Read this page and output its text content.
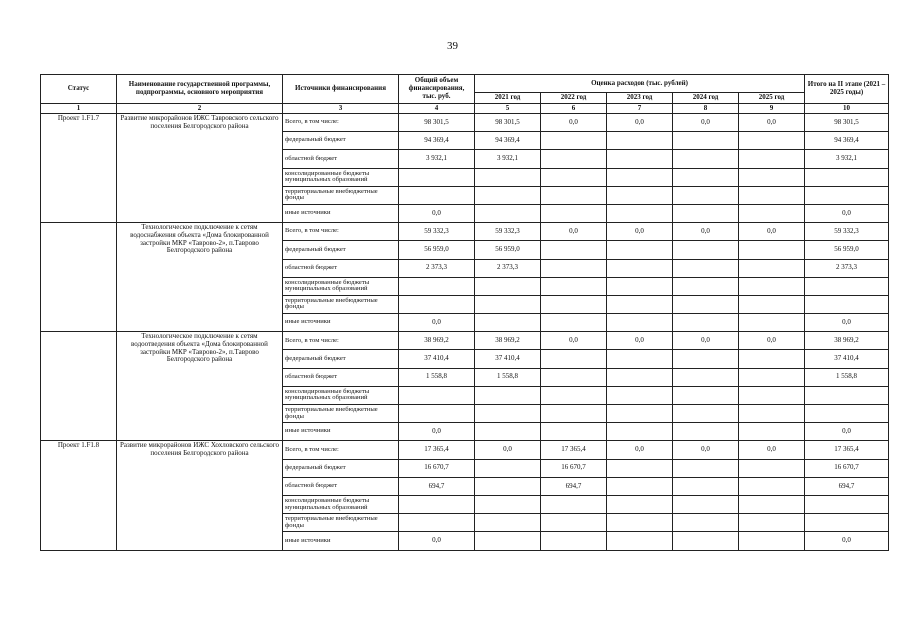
39
Статус	Наименование государственной программы, подпрограммы, основного мероприятия	Источники финансирования	Общий объем финансирования, тыс. руб.	Оценка расходов (тыс. рублей)					Итого на II этапе (2021 – 2025 годы)
				2021 год	2022 год	2023 год	2024 год	2025 год	
1	2	3	4	5	6	7	8	9	10
Проект 1.F1.7	Развитие микрорайонов ИЖС Тавровского сельского поселения Белгородского района	Всего, в том числе:	98 301,5	98 301,5	0,0	0,0	0,0	0,0	98 301,5
		федеральный бюджет	94 369,4	94 369,4					94 369,4
		областной бюджет	3 932,1	3 932,1					3 932,1
		консолидированные бюджеты муниципальных образований							
		территориальные внебюджетные фонды							
		иные источники	0,0						0,0
	Технологическое подключение к сетям водоснабжения объекта «Дома блокированной застройки МКР «Таврово-2», п.Таврово Белгородского района	Всего, в том числе:	59 332,3	59 332,3	0,0	0,0	0,0	0,0	59 332,3
		федеральный бюджет	56 959,0	56 959,0					56 959,0
		областной бюджет	2 373,3	2 373,3					2 373,3
		консолидированные бюджеты муниципальных образований							
		территориальные внебюджетные фонды							
		иные источники	0,0						0,0
	Технологическое подключение к сетям водоотведения объекта «Дома блокированной застройки МКР «Таврово-2», п.Таврово Белгородского района	Всего, в том числе:	38 969,2	38 969,2	0,0	0,0	0,0	0,0	38 969,2
		федеральный бюджет	37 410,4	37 410,4					37 410,4
		областной бюджет	1 558,8	1 558,8					1 558,8
		консолидированные бюджеты муниципальных образований							
		территориальные внебюджетные фонды							
		иные источники	0,0						0,0
Проект 1.F1.8	Развитие микрорайонов ИЖС Хохловского сельского поселения Белгородского района	Всего, в том числе:	17 365,4	0,0	17 365,4	0,0	0,0	0,0	17 365,4
		федеральный бюджет	16 670,7		16 670,7				16 670,7
		областной бюджет	694,7		694,7				694,7
		консолидированные бюджеты муниципальных образований							
		территориальные внебюджетные фонды							
		иные источники	0,0						0,0
